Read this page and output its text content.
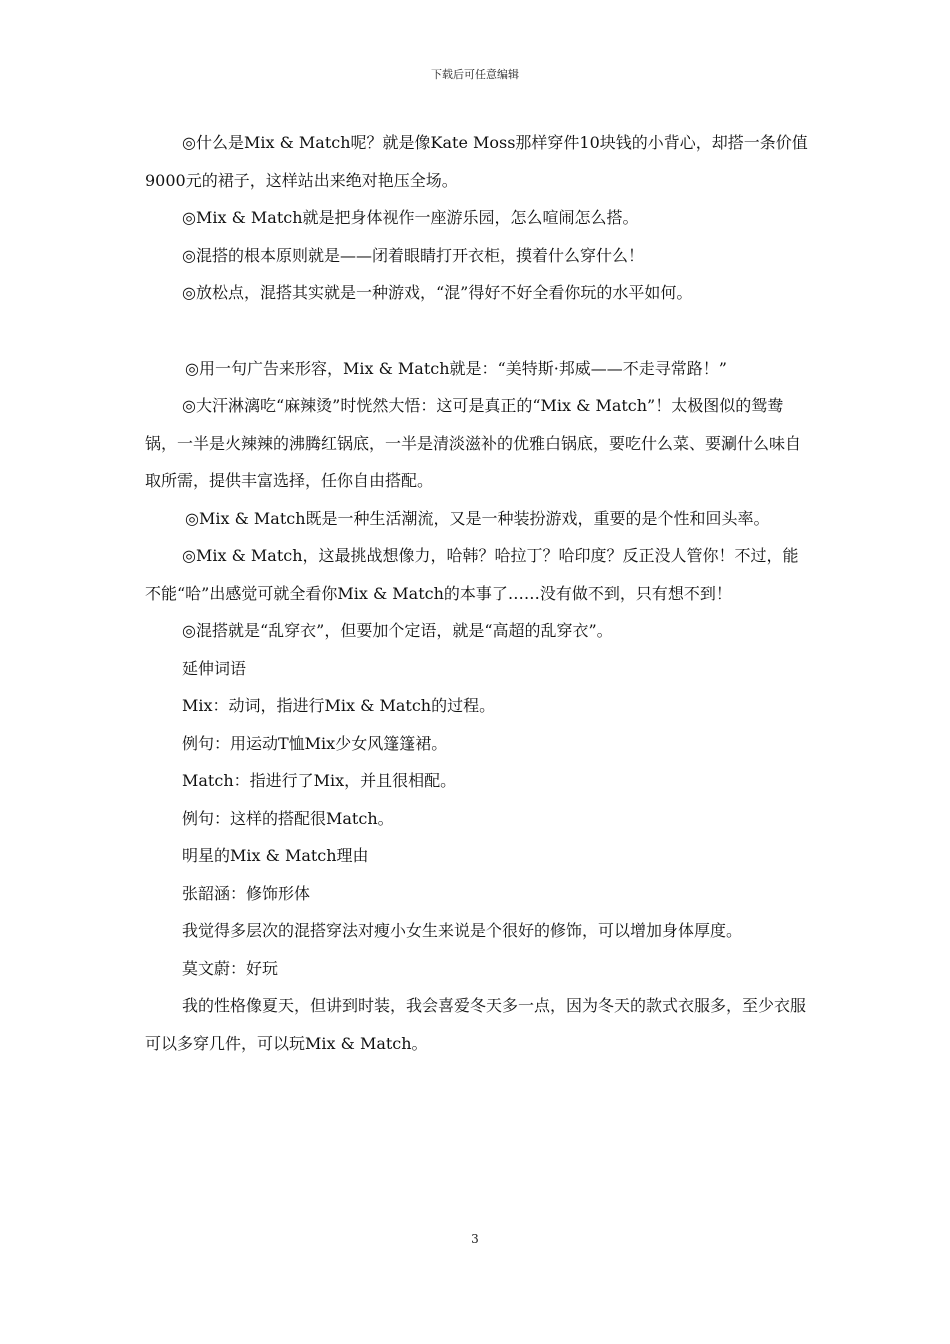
下载后可任意编辑

◎什么是Mix & Match呢？就是像Kate Moss那样穿件10块钱的小背心，却搭一条价值9000元的裙子，这样站出来绝对艳压全场。

◎Mix & Match就是把身体视作一座游乐园，怎么喧闹怎么搭。

◎混搭的根本原则就是——闭着眼睛打开衣柜，摸着什么穿什么！

◎放松点，混搭其实就是一种游戏，“混”得好不好全看你玩的水平如何。

◎用一句广告来形容，Mix & Match就是：“美特斯·邦威——不走寻常路！”

◎大汗淋漓吃“麻辣烫”时恍然大悟：这可是真正的“Mix & Match”！太极图似的鸳鸯锅，一半是火辣辣的沸腾红锅底，一半是清淡滋补的优雅白锅底，要吃什么菜、要涮什么味自取所需，提供丰富选择，任你自由搭配。

◎Mix & Match既是一种生活潮流，又是一种装扮游戏，重要的是个性和回头率。

◎Mix & Match，这最挑战想像力，哈韩？哈拉丁？哈印度？反正没人管你！不过，能不能“哈”出感觉可就全看你Mix & Match的本事了……没有做不到，只有想不到！

◎混搭就是“乱穿衣”，但要加个定语，就是“高超的乱穿衣”。

延伸词语

Mix：动词，指进行Mix & Match的过程。

例句：用运动T恤Mix少女风篷篷裙。

Match：指进行了Mix，并且很相配。

例句：这样的搭配很Match。

明星的Mix & Match理由

张韶涵：修饰形体

我觉得多层次的混搭穿法对瘦小女生来说是个很好的修饰，可以增加身体厚度。

莫文蔚：好玩

我的性格像夏天，但讲到时装，我会喜爱冬天多一点，因为冬天的款式衣服多，至少衣服可以多穿几件，可以玩Mix & Match。

3
